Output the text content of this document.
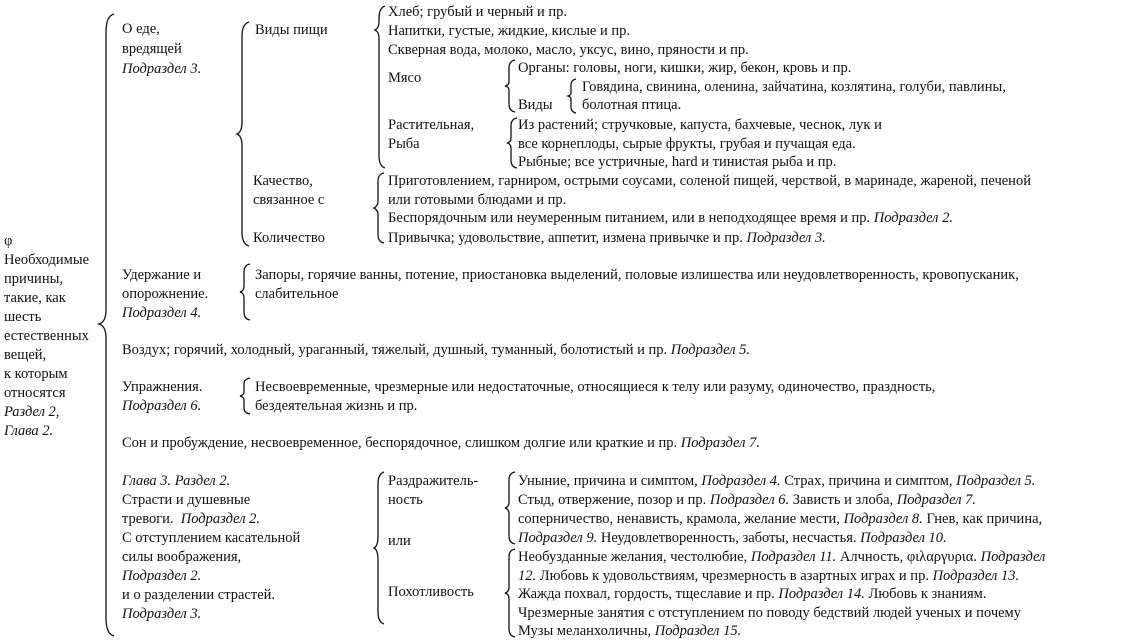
φ
Необходимые
причины,
такие, как
шесть
естественных
вещей,
к которым
относятся
Раздел 2,
Глава 2.
О еде,
вредящей
Подраздел 3.
Виды пищи
Хлеб; грубый и черный и пр.
Напитки, густые, жидкие, кислые и пр.
Скверная вода, молоко, масло, уксус, вино, пряности и пр.
Мясо
Органы: головы, ноги, кишки, жир, бекон, кровь и пр.
Виды
Говядина, свинина, оленина, зайчатина, козлятина, голуби, павлины,
болотная птица.
Растительная,
Рыба
Из растений; стручковые, капуста, бахчевые, чеснок, лук и
все корнеплоды, сырые фрукты, грубая и пучащая еда.
Рыбные; все устричные, hard и тинистая рыба и пр.
Качество,
связанное с
Приготовлением, гарниром, острыми соусами, соленой пищей, черствой, в маринаде, жареной, печеной
или готовыми блюдами и пр.
Беспорядочным или неумеренным питанием, или в неподходящее время и пр. Подраздел 2.
Количество	Привычка; удовольствие, аппетит, измена привычке и пр. Подраздел 3.
Удержание и
опорожнение.
Подраздел 4.
Запоры, горячие ванны, потение, приостановка выделений, половые излишества или неудовлетворенность, кровопусканик,
слабительное
Воздух; горячий, холодный, ураганный, тяжелый, душный, туманный, болотистый и пр. Подраздел 5.
Упражнения.
Подраздел 6.
Несвоевременные, чрезмерные или недостаточные, относящиеся к телу или разуму, одиночество, праздность,
бездеятельная жизнь и пр.
Сон и пробуждение, несвоевременное, беспорядочное, слишком долгие или краткие и пр. Подраздел 7.
Глава 3. Раздел 2.
Страсти и душевные
тревоги. Подраздел 2.
С отступлением касательной
силы воображения,
Подраздел 2.
и о разделении страстей.
Подраздел 3.
Раздражитель-
ность
или
Похотливость
Уныние, причина и симптом, Подраздел 4. Страх, причина и симптом, Подраздел 5.
Стыд, отвержение, позор и пр. Подраздел 6. Зависть и злоба, Подраздел 7.
соперничество, ненависть, крамола, желание мести, Подраздел 8. Гнев, как причина,
Подраздел 9. Неудовлетворенность, заботы, несчастья. Подраздел 10.
Необузданные желания, честолюбие, Подраздел 11. Алчность, φιλαργυρια. Подраздел
12. Любовь к удовольствиям, чрезмерность в азартных играх и пр. Подраздел 13.
Жажда похвал, гордость, тщеславие и пр. Подраздел 14. Любовь к знаниям.
Чрезмерные занятия с отступлением по поводу бедствий людей ученых и почему
Музы меланхоличны, Подраздел 15.
